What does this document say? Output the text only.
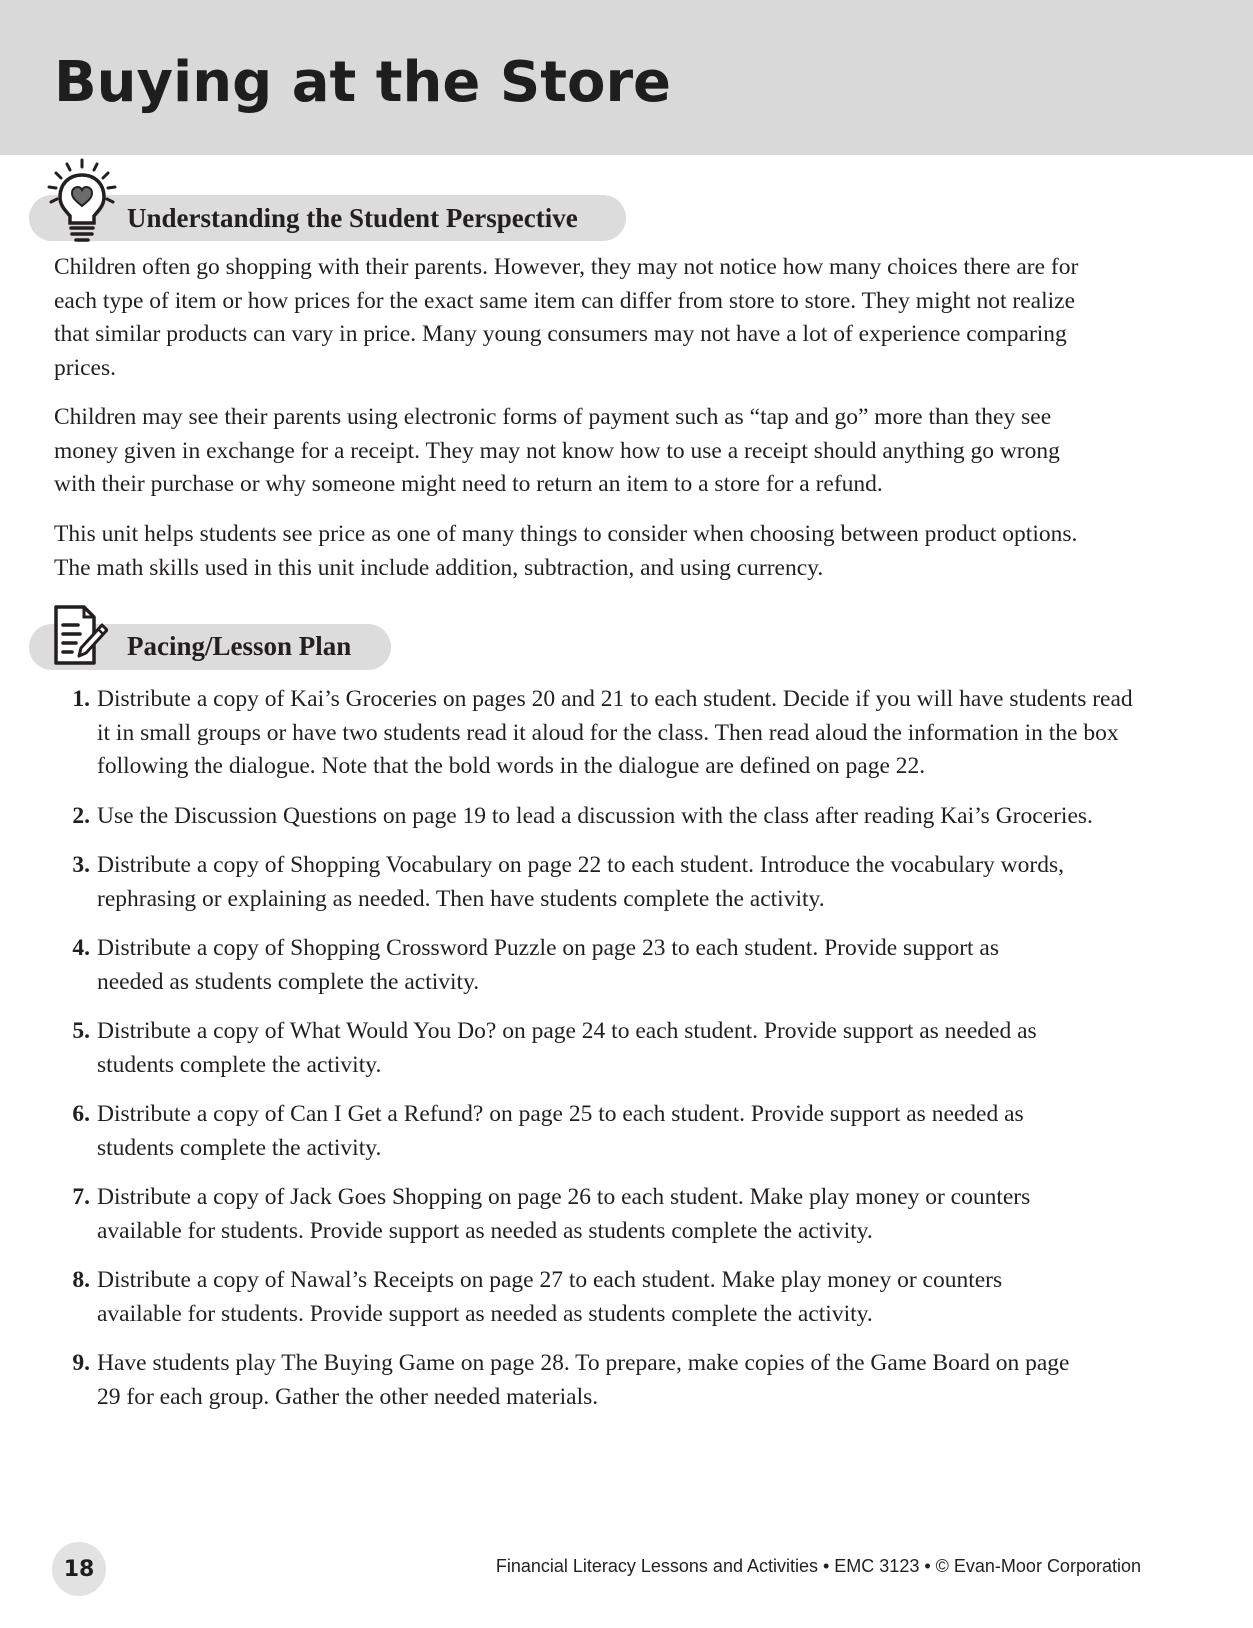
Buying at the Store
Understanding the Student Perspective

Children often go shopping with their parents. However, they may not notice how many choices there are for each type of item or how prices for the exact same item can differ from store to store. They might not realize that similar products can vary in price. Many young consumers may not have a lot of experience comparing prices.

Children may see their parents using electronic forms of payment such as “tap and go” more than they see money given in exchange for a receipt. They may not know how to use a receipt should anything go wrong with their purchase or why someone might need to return an item to a store for a refund.

This unit helps students see price as one of many things to consider when choosing between product options. The math skills used in this unit include addition, subtraction, and using currency.

Pacing/Lesson Plan
1. Distribute a copy of Kai’s Groceries on pages 20 and 21 to each student. Decide if you will have students read it in small groups or have two students read it aloud for the class. Then read aloud the information in the box following the dialogue. Note that the bold words in the dialogue are defined on page 22.
2. Use the Discussion Questions on page 19 to lead a discussion with the class after reading Kai’s Groceries.
3. Distribute a copy of Shopping Vocabulary on page 22 to each student. Introduce the vocabulary words, rephrasing or explaining as needed. Then have students complete the activity.
4. Distribute a copy of Shopping Crossword Puzzle on page 23 to each student. Provide support as needed as students complete the activity.
5. Distribute a copy of What Would You Do? on page 24 to each student. Provide support as needed as students complete the activity.
6. Distribute a copy of Can I Get a Refund? on page 25 to each student. Provide support as needed as students complete the activity.
7. Distribute a copy of Jack Goes Shopping on page 26 to each student. Make play money or counters available for students. Provide support as needed as students complete the activity.
8. Distribute a copy of Nawal’s Receipts on page 27 to each student. Make play money or counters available for students. Provide support as needed as students complete the activity.
9. Have students play The Buying Game on page 28. To prepare, make copies of the Game Board on page 29 for each group. Gather the other needed materials.
18	Financial Literacy Lessons and Activities • EMC 3123 • © Evan-Moor Corporation
